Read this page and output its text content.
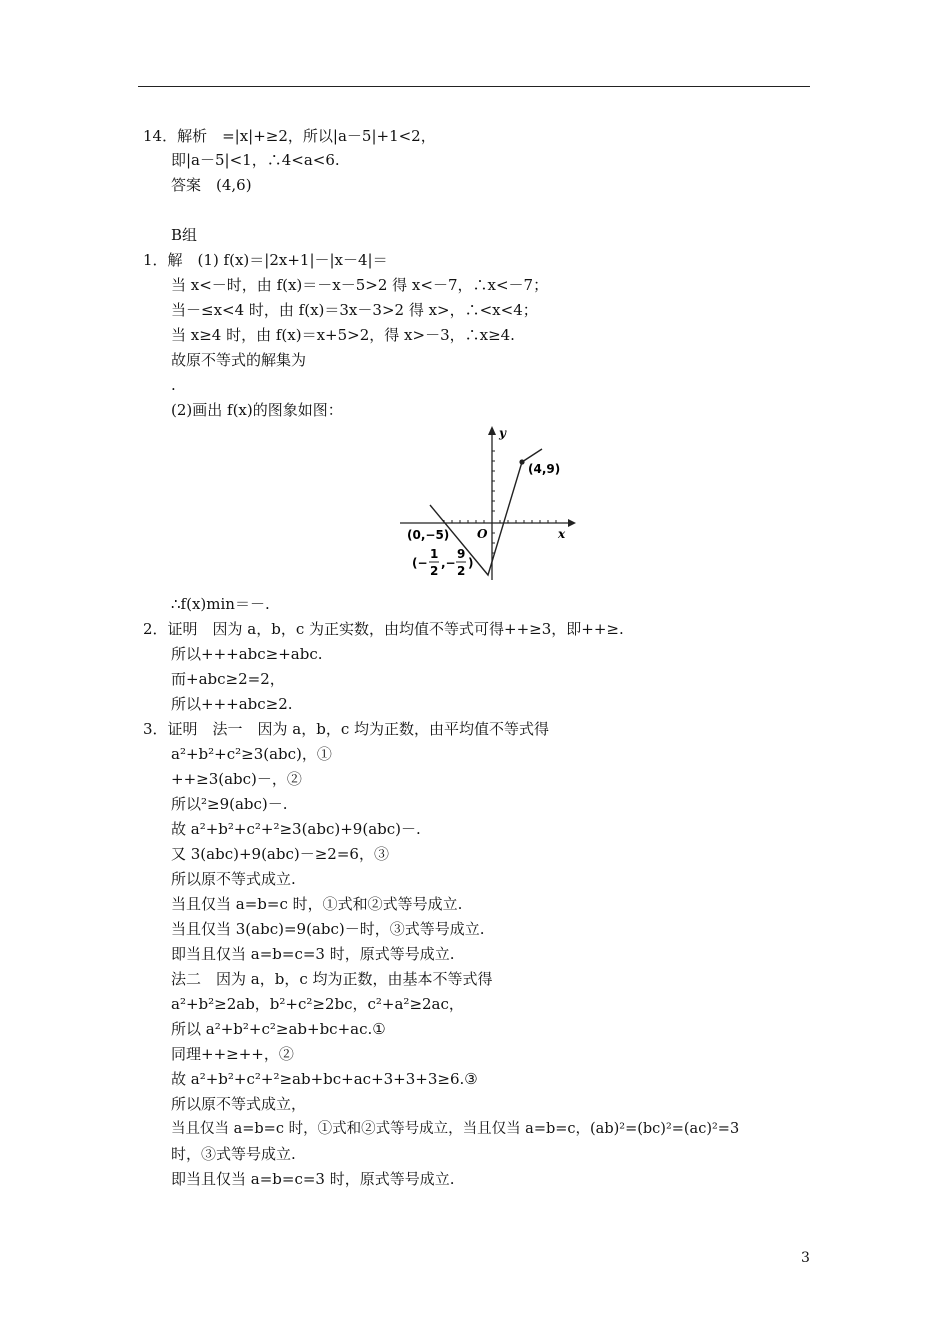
14．解析　=|x|+≥2，所以|a－5|+1<2，
即|a－5|<1，∴4<a<6.
答案　(4,6)
B组
1．解　(1) f(x)＝|2x+1|－|x－4|＝
当 x<－时，由 f(x)＝－x－5>2 得 x<－7，∴x<－7；
当－≤x<4 时，由 f(x)＝3x－3>2 得 x>，∴<x<4；
当 x≥4 时，由 f(x)＝x+5>2，得 x>－3，∴x≥4.
故原不等式的解集为
.
(2)画出 f(x)的图象如图：
y
x
O
(4,9)
(0,−5)
(−
1
2
,−
9
2
)
∴f(x)min＝－.
2．证明　因为 a，b，c 为正实数，由均值不等式可得++≥3，即++≥.
所以+++abc≥+abc.
而+abc≥2=2，
所以+++abc≥2.
3．证明　法一　因为 a，b，c 均为正数，由平均值不等式得
a²+b²+c²≥3(abc)，①
++≥3(abc)－，②
所以²≥9(abc)－.
故 a²+b²+c²+²≥3(abc)+9(abc)－.
又 3(abc)+9(abc)－≥2=6，③
所以原不等式成立.
当且仅当 a=b=c 时，①式和②式等号成立.
当且仅当 3(abc)=9(abc)－时，③式等号成立.
即当且仅当 a=b=c=3 时，原式等号成立.
法二　因为 a，b，c 均为正数，由基本不等式得
a²+b²≥2ab，b²+c²≥2bc，c²+a²≥2ac，
所以 a²+b²+c²≥ab+bc+ac.①
同理++≥++，②
故 a²+b²+c²+²≥ab+bc+ac+3+3+3≥6.③
所以原不等式成立，
当且仅当 a=b=c 时，①式和②式等号成立，当且仅当 a=b=c，(ab)²=(bc)²=(ac)²=3
时，③式等号成立.
即当且仅当 a=b=c=3 时，原式等号成立.
3
